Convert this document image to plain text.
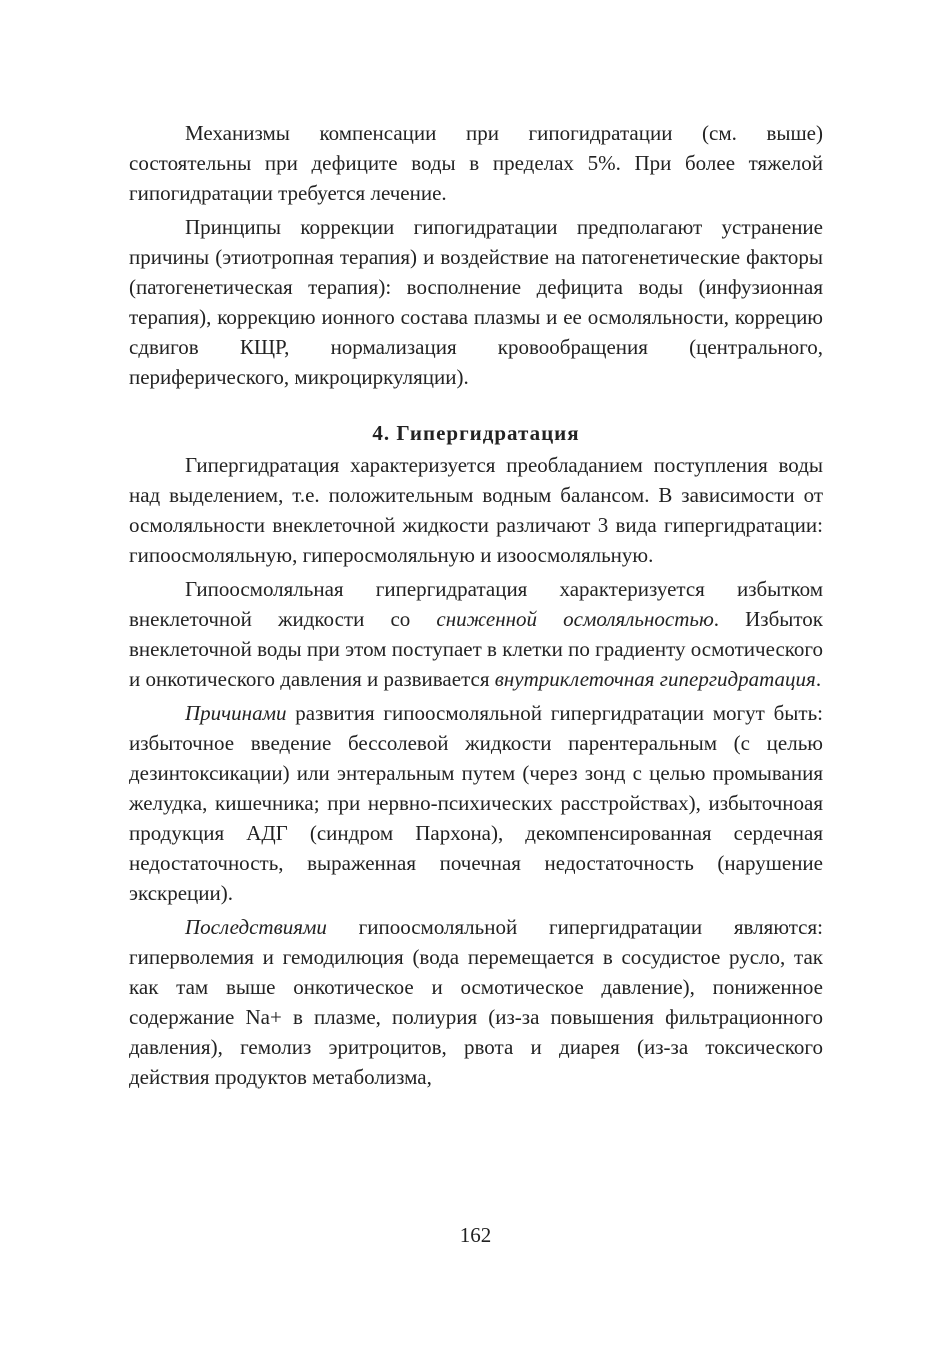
Механизмы компенсации при гипогидратации (см. выше) состоятельны при дефиците воды в пределах 5%. При более тяжелой гипогидратации требуется лечение.

Принципы коррекции гипогидратации предполагают устранение причины (этиотропная терапия) и воздействие на патогенетические факторы (патогенетическая терапия): восполнение дефицита воды (инфузионная терапия), коррекцию ионного состава плазмы и ее осмоляльности, коррецию сдвигов КЩР, нормализация кровообращения (центрального, периферического, микроциркуляции).

4. Гипергидратация

Гипергидратация характеризуется преобладанием поступления воды над выделением, т.е. положительным водным балансом. В зависимости от осмоляльности внеклеточной жидкости различают 3 вида гипергидратации: гипоосмоляльную, гиперосмоляльную и изоосмоляльную.

Гипоосмоляльная гипергидратация характеризуется избытком внеклеточной жидкости со сниженной осмоляльностью. Избыток внеклеточной воды при этом поступает в клетки по градиенту осмотического и онкотического давления и развивается внутриклеточная гипергидратация.

Причинами развития гипоосмоляльной гипергидратации могут быть: избыточное введение бессолевой жидкости парентеральным (с целью дезинтоксикации) или энтеральным путем (через зонд с целью промывания желудка, кишечника; при нервно-психических расстройствах), избыточноая продукция АДГ (синдром Пархона), декомпенсированная сердечная недостаточность, выраженная почечная недостаточность (нарушение экскреции).

Последствиями гипоосмоляльной гипергидратации являются: гиперволемия и гемодилюция (вода перемещается в сосудистое русло, так как там выше онкотическое и осмотическое давление), пониженное содержание Na+ в плазме, полиурия (из-за повышения фильтрационного давления), гемолиз эритроцитов, рвота и диарея (из-за токсического действия продуктов метаболизма,

162
